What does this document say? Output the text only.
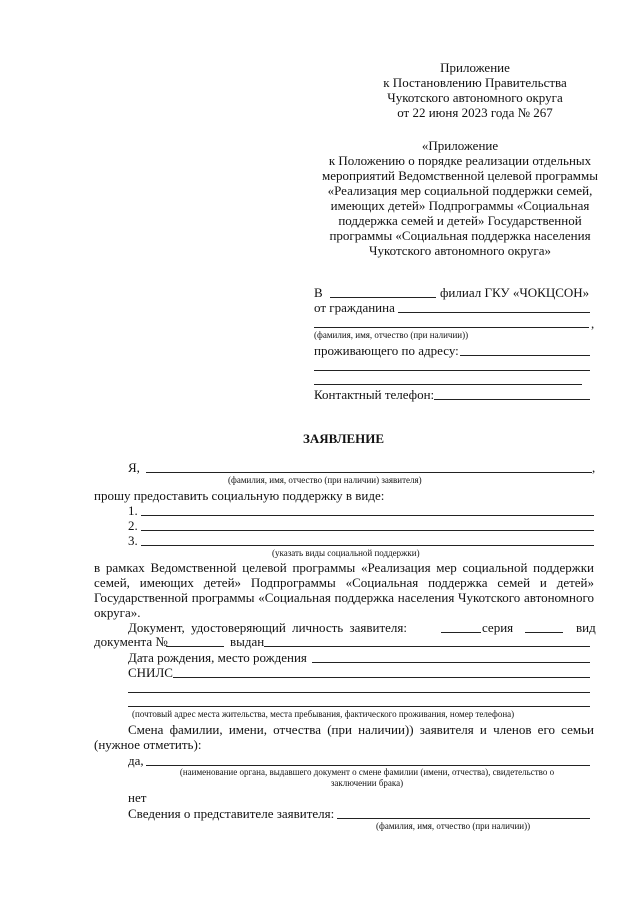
Приложение
к Постановлению Правительства
Чукотского автономного округа
от 22 июня 2023 года № 267
«Приложение
к Положению о порядке реализации отдельных
мероприятий Ведомственной целевой программы
«Реализация мер социальной поддержки семей,
имеющих детей» Подпрограммы «Социальная
поддержка семей и детей» Государственной
программы «Социальная поддержка населения
Чукотского автономного округа»
В	филиал ГКУ «ЧОКЦСОН»
от гражданина
,
(фамилия, имя, отчество (при наличии))
проживающего по адресу:
Контактный телефон:
ЗАЯВЛЕНИЕ
Я,	,
(фамилия, имя, отчество (при наличии) заявителя)
прошу предоставить социальную поддержку в виде:
1.
2.
3.
(указать виды социальной поддержки)
в рамках Ведомственной целевой программы «Реализация мер социальной поддержки
семей, имеющих детей» Подпрограммы «Социальная поддержка семей и детей»
Государственной программы «Социальная поддержка населения Чукотского автономного
округа».
Документ, удостоверяющий личность заявителя:	серия	вид
документа №	выдан
Дата рождения, место рождения
СНИЛС
(почтовый адрес места жительства, места пребывания, фактического проживания, номер телефона)
Смена фамилии, имени, отчества (при наличии)) заявителя и членов его семьи
(нужное отметить):
да,
(наименование органа, выдавшего документ о смене фамилии (имени, отчества), свидетельство о
заключении брака)
нет
Сведения о представителе заявителя:
(фамилия, имя, отчество (при наличии))
